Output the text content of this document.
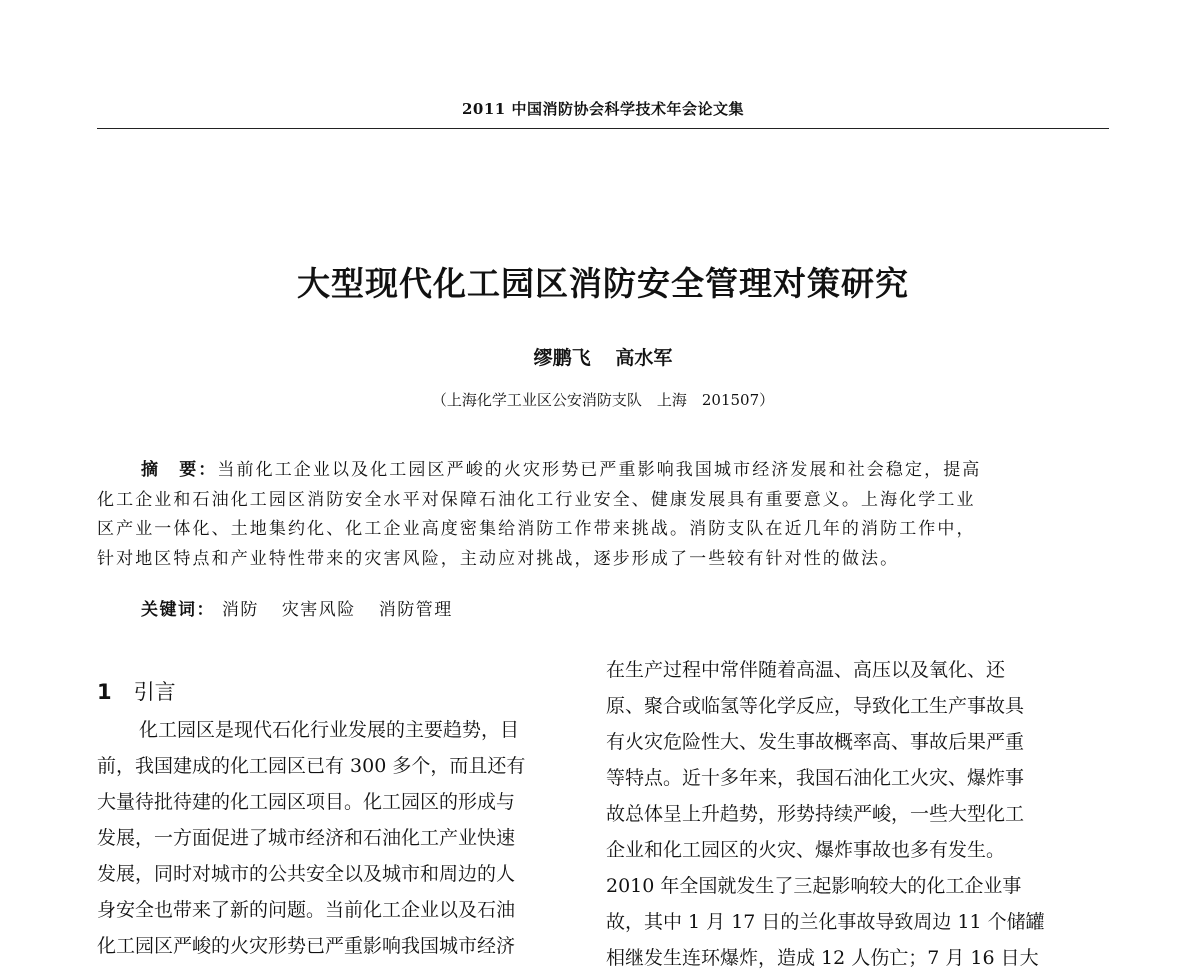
2011 中国消防协会科学技术年会论文集
大型现代化工园区消防安全管理对策研究
缪鹏飞 高水军
（上海化学工业区公安消防支队　上海　201507）
摘　要：当前化工企业以及化工园区严峻的火灾形势已严重影响我国城市经济发展和社会稳定，提高
化工企业和石油化工园区消防安全水平对保障石油化工行业安全、健康发展具有重要意义。上海化学工业
区产业一体化、土地集约化、化工企业高度密集给消防工作带来挑战。消防支队在近几年的消防工作中，
针对地区特点和产业特性带来的灾害风险，主动应对挑战，逐步形成了一些较有针对性的做法。
关键词： 消防 灾害风险 消防管理
1 引言
化工园区是现代石化行业发展的主要趋势，目
前，我国建成的化工园区已有 300 多个，而且还有
大量待批待建的化工园区项目。化工园区的形成与
发展，一方面促进了城市经济和石油化工产业快速
发展，同时对城市的公共安全以及城市和周边的人
身安全也带来了新的问题。当前化工企业以及石油
化工园区严峻的火灾形势已严重影响我国城市经济
在生产过程中常伴随着高温、高压以及氧化、还
原、聚合或临氢等化学反应，导致化工生产事故具
有火灾危险性大、发生事故概率高、事故后果严重
等特点。近十多年来，我国石油化工火灾、爆炸事
故总体呈上升趋势，形势持续严峻，一些大型化工
企业和化工园区的火灾、爆炸事故也多有发生。
2010 年全国就发生了三起影响较大的化工企业事
故，其中 1 月 17 日的兰化事故导致周边 11 个储罐
相继发生连环爆炸，造成 12 人伤亡；7 月 16 日大
